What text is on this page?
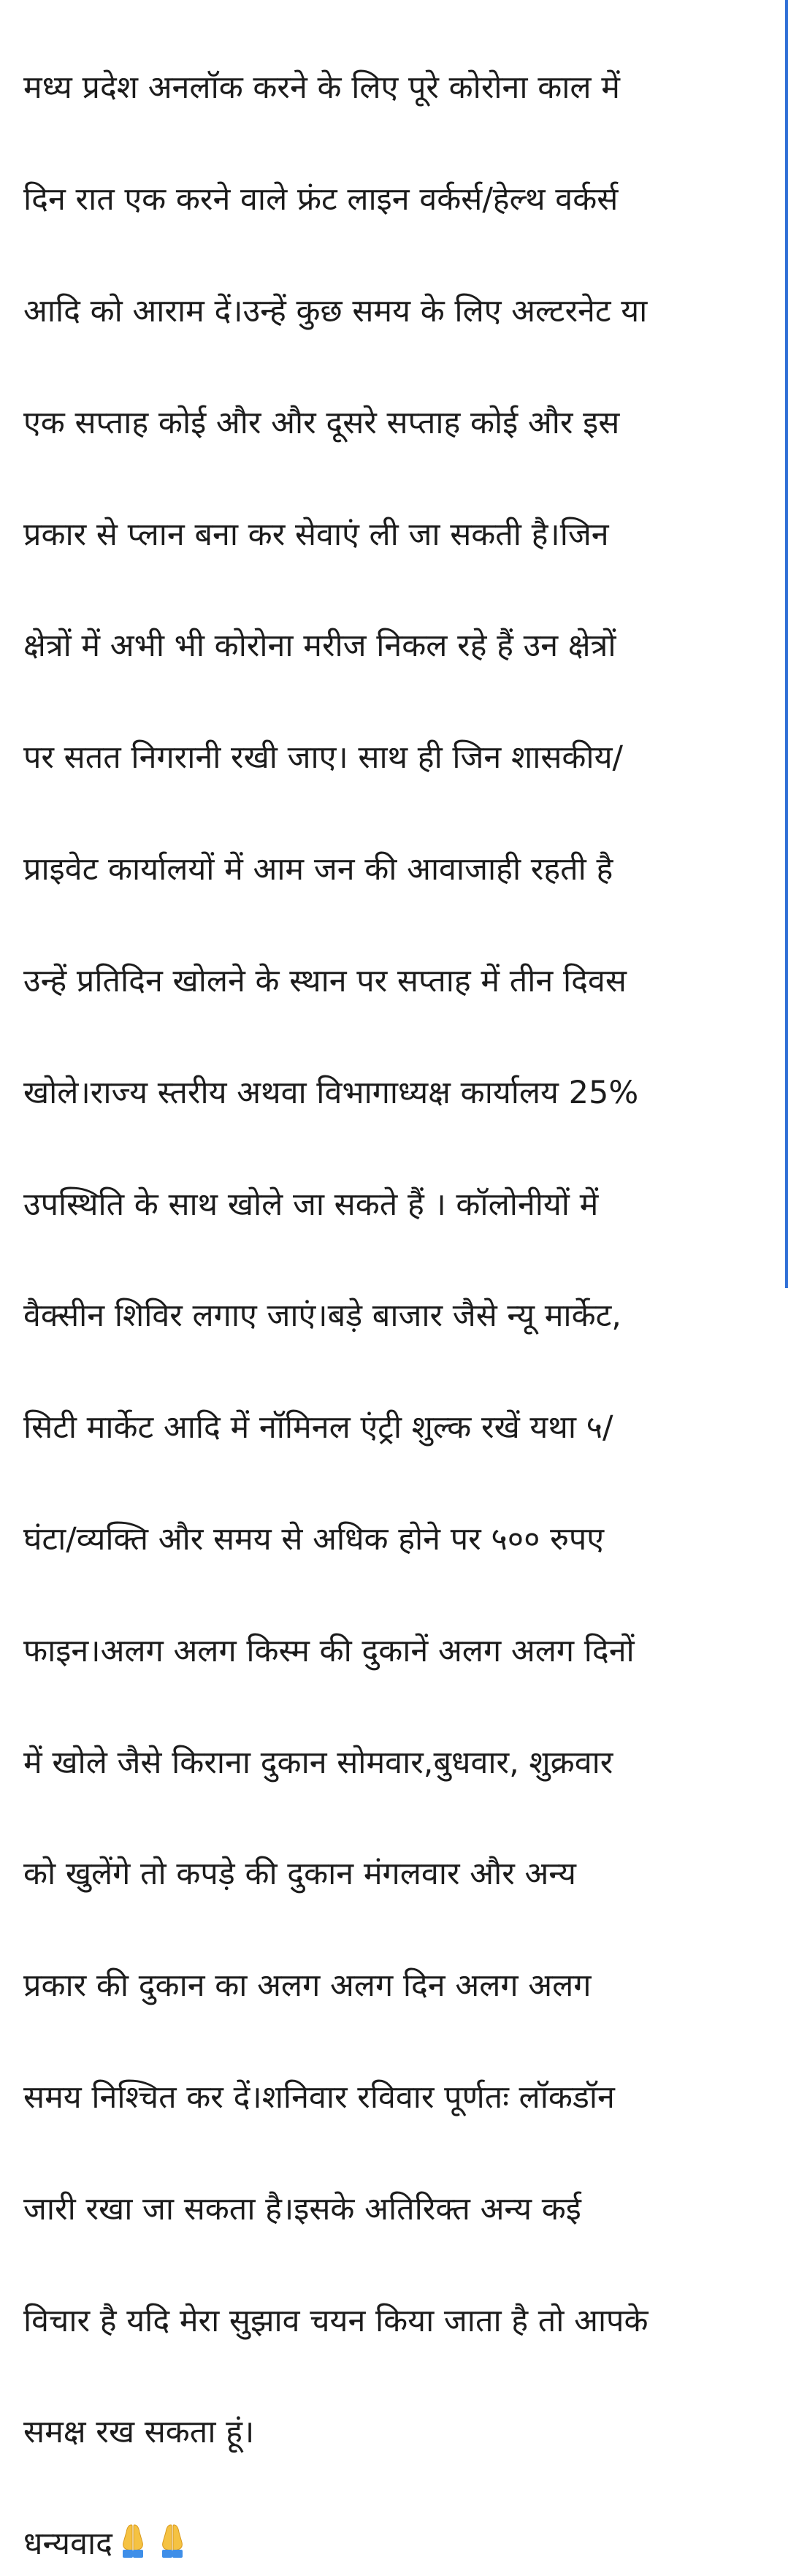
मध्य प्रदेश अनलॉक करने के लिए पूरे कोरोना काल में

दिन रात एक करने वाले फ्रंट लाइन वर्कर्स/हेल्थ वर्कर्स

आदि को आराम दें।उन्हें कुछ समय के लिए अल्टरनेट या

एक सप्ताह कोई और और दूसरे सप्ताह कोई और इस

प्रकार से प्लान बना कर सेवाएं ली जा सकती है।जिन

क्षेत्रों में अभी भी कोरोना मरीज निकल रहे हैं उन क्षेत्रों

पर सतत निगरानी रखी जाए। साथ ही जिन शासकीय/

प्राइवेट कार्यालयों में आम जन की आवाजाही रहती है

उन्हें प्रतिदिन खोलने के स्थान पर सप्ताह में तीन दिवस

खोले।राज्य स्तरीय अथवा विभागाध्यक्ष कार्यालय 25%

उपस्थिति के साथ खोले जा सकते हैं । कॉलोनीयों में

वैक्सीन शिविर लगाए जाएं।बड़े बाजार जैसे न्यू मार्केट,

सिटी मार्केट आदि में नॉमिनल एंट्री शुल्क रखें यथा ५/

घंटा/व्यक्ति और समय से अधिक होने पर ५०० रुपए

फाइन।अलग अलग किस्म की दुकानें अलग अलग दिनों

में खोले जैसे किराना दुकान सोमवार,बुधवार, शुक्रवार

को खुलेंगे तो कपड़े की दुकान मंगलवार और अन्य

प्रकार की दुकान का अलग अलग दिन अलग अलग

समय निश्चित कर दें।शनिवार रविवार पूर्णतः लॉकडॉन

जारी रखा जा सकता है।इसके अतिरिक्त अन्य कई

विचार है यदि मेरा सुझाव चयन किया जाता है तो आपके

समक्ष रख सकता हूं।

धन्यवाद
